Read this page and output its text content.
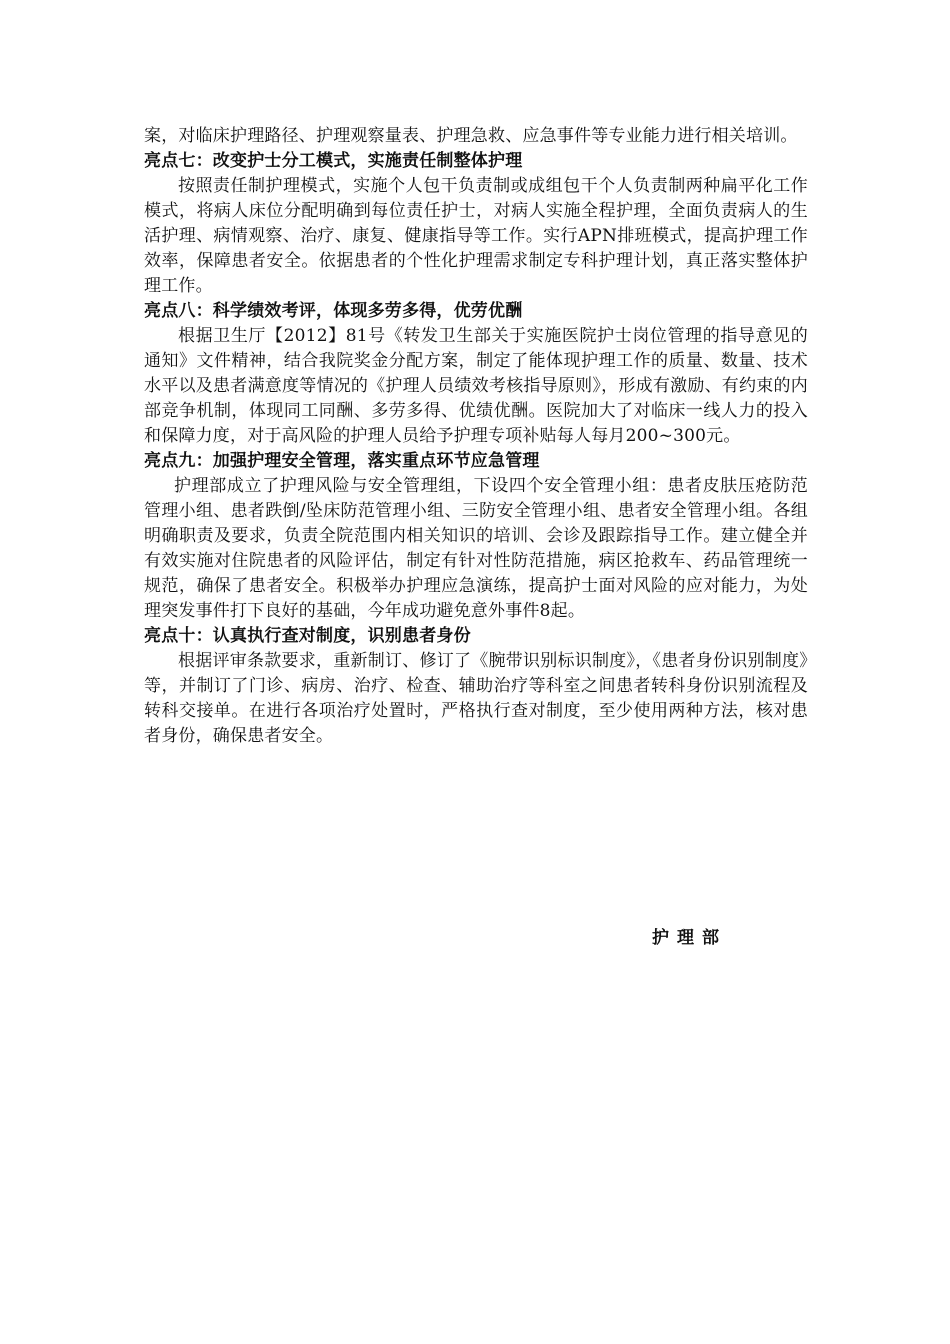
案，对临床护理路径、护理观察量表、护理急救、应急事件等专业能力进行相关培训。

亮点七：改变护士分工模式，实施责任制整体护理

按照责任制护理模式，实施个人包干负责制或成组包干个人负责制两种扁平化工作模式，将病人床位分配明确到每位责任护士，对病人实施全程护理，全面负责病人的生活护理、病情观察、治疗、康复、健康指导等工作。实行APN排班模式，提高护理工作效率，保障患者安全。依据患者的个性化护理需求制定专科护理计划，真正落实整体护理工作。

亮点八：科学绩效考评，体现多劳多得，优劳优酬

根据卫生厅【2012】81号《转发卫生部关于实施医院护士岗位管理的指导意见的通知》文件精神，结合我院奖金分配方案，制定了能体现护理工作的质量、数量、技术水平以及患者满意度等情况的《护理人员绩效考核指导原则》，形成有激励、有约束的内部竞争机制，体现同工同酬、多劳多得、优绩优酬。医院加大了对临床一线人力的投入和保障力度，对于高风险的护理人员给予护理专项补贴每人每月200~300元。

亮点九：加强护理安全管理，落实重点环节应急管理

护理部成立了护理风险与安全管理组，下设四个安全管理小组：患者皮肤压疮防范管理小组、患者跌倒/坠床防范管理小组、三防安全管理小组、患者安全管理小组。各组明确职责及要求，负责全院范围内相关知识的培训、会诊及跟踪指导工作。建立健全并有效实施对住院患者的风险评估，制定有针对性防范措施，病区抢救车、药品管理统一规范，确保了患者安全。积极举办护理应急演练，提高护士面对风险的应对能力，为处理突发事件打下良好的基础，今年成功避免意外事件8起。

亮点十：认真执行查对制度，识别患者身份

根据评审条款要求，重新制订、修订了《腕带识别标识制度》，《患者身份识别制度》等，并制订了门诊、病房、治疗、检查、辅助治疗等科室之间患者转科身份识别流程及转科交接单。在进行各项治疗处置时，严格执行查对制度，至少使用两种方法，核对患者身份，确保患者安全。

护理部
